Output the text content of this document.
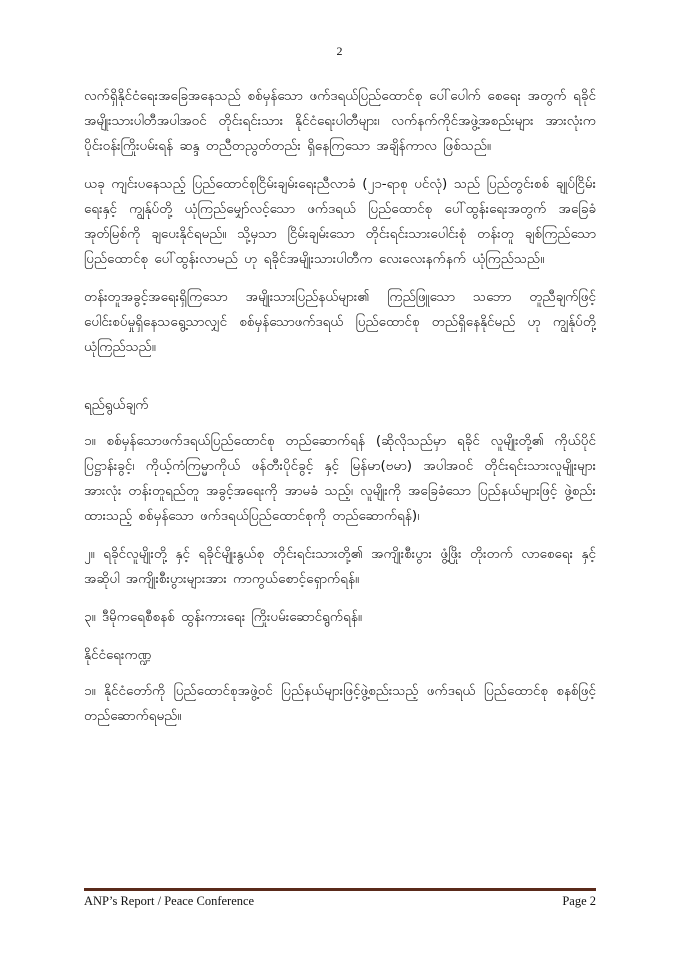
2

လက်ရှိနိုင်ငံရေးအခြေအနေသည် စစ်မှန်သော ဖက်ဒရယ်ပြည်ထောင်စု ပေါ်ပေါက် စေရေး အတွက် ရခိုင်အမျိုးသားပါတီအပါအဝင် တိုင်းရင်းသား နိုင်ငံရေးပါတီများ၊ လက်နက်ကိုင်အဖွဲ့အစည်းများ အားလုံးက ပိုင်းဝန်းကြိုးပမ်းရန် ဆန္ဒ တညီတညွတ်တည်း ရှိနေကြသော အချိန်ကာလ ဖြစ်သည်။

ယခု ကျင်းပနေသည့် ပြည်ထောင်စုငြိမ်းချမ်းရေးညီလာခံ (၂၁-ရာစု ပင်လုံ) သည် ပြည်တွင်းစစ် ချုပ်ငြိမ်းရေးနှင့် ကျွန်ုပ်တို့ ယုံကြည်မျှော်လင့်သော ဖက်ဒရယ် ပြည်ထောင်စု ပေါ်ထွန်းရေးအတွက် အခြေခံအုတ်မြစ်ကို ချပေးနိုင်ရမည်။ သို့မှသာ ငြိမ်းချမ်းသော တိုင်းရင်းသားပေါင်းစုံ တန်းတူ ချစ်ကြည်သော ပြည်ထောင်စု ပေါ်ထွန်းလာမည် ဟု ရခိုင်အမျိုးသားပါတီက လေးလေးနက်နက် ယုံကြည်သည်။

တန်းတူအခွင့်အရေးရှိကြသော အမျိုးသားပြည်နယ်များ၏ ကြည်ဖြူသော သဘော တူညီချက်ဖြင့် ပေါင်းစပ်မှုရှိနေသရွေ့သာလျှင် စစ်မှန်သောဖက်ဒရယ် ပြည်ထောင်စု တည်ရှိနေနိုင်မည် ဟု ကျွန်ုပ်တို့ ယုံကြည်သည်။

ရည်ရွယ်ချက်

၁။ စစ်မှန်သောဖက်ဒရယ်ပြည်ထောင်စု တည်ဆောက်ရန် (ဆိုလိုသည်မှာ ရခိုင် လူမျိုးတို့၏ ကိုယ်ပိုင်ပြဋ္ဌာန်းခွင့်၊ ကိုယ့်ကံကြမ္မာကိုယ် ဖန်တီးပိုင်ခွင့် နှင့် မြန်မာ(ဗမာ) အပါအဝင် တိုင်းရင်းသားလူမျိုးများအားလုံး တန်းတူရည်တူ အခွင့်အရေးကို အာမခံ သည့်၊ လူမျိုးကို အခြေခံသော ပြည်နယ်များဖြင့် ဖွဲ့စည်းထားသည့် စစ်မှန်သော ဖက်ဒရယ်ပြည်ထောင်စုကို တည်ဆောက်ရန်)၊

၂။ ရခိုင်လူမျိုးတို့ နှင့် ရခိုင်မျိုးနွယ်စု တိုင်းရင်းသားတို့၏ အကျိုးစီးပွား ဖွံ့ဖြိုး တိုးတက် လာစေရေး နှင့် အဆိုပါ အကျိုးစီးပွားများအား ကာကွယ်စောင့်ရှောက်ရန်။

၃။ ဒီမိုကရေစီစနစ် ထွန်းကားရေး ကြိုးပမ်းဆောင်ရွက်ရန်။

နိုင်ငံရေးကဏ္ဍ

၁။ နိုင်ငံတော်ကို ပြည်ထောင်စုအဖွဲ့ဝင် ပြည်နယ်များဖြင့်ဖွဲ့စည်းသည့် ဖက်ဒရယ် ပြည်ထောင်စု စနစ်ဖြင့် တည်ဆောက်ရမည်။

ANP’s Report / Peace Conference	Page 2
